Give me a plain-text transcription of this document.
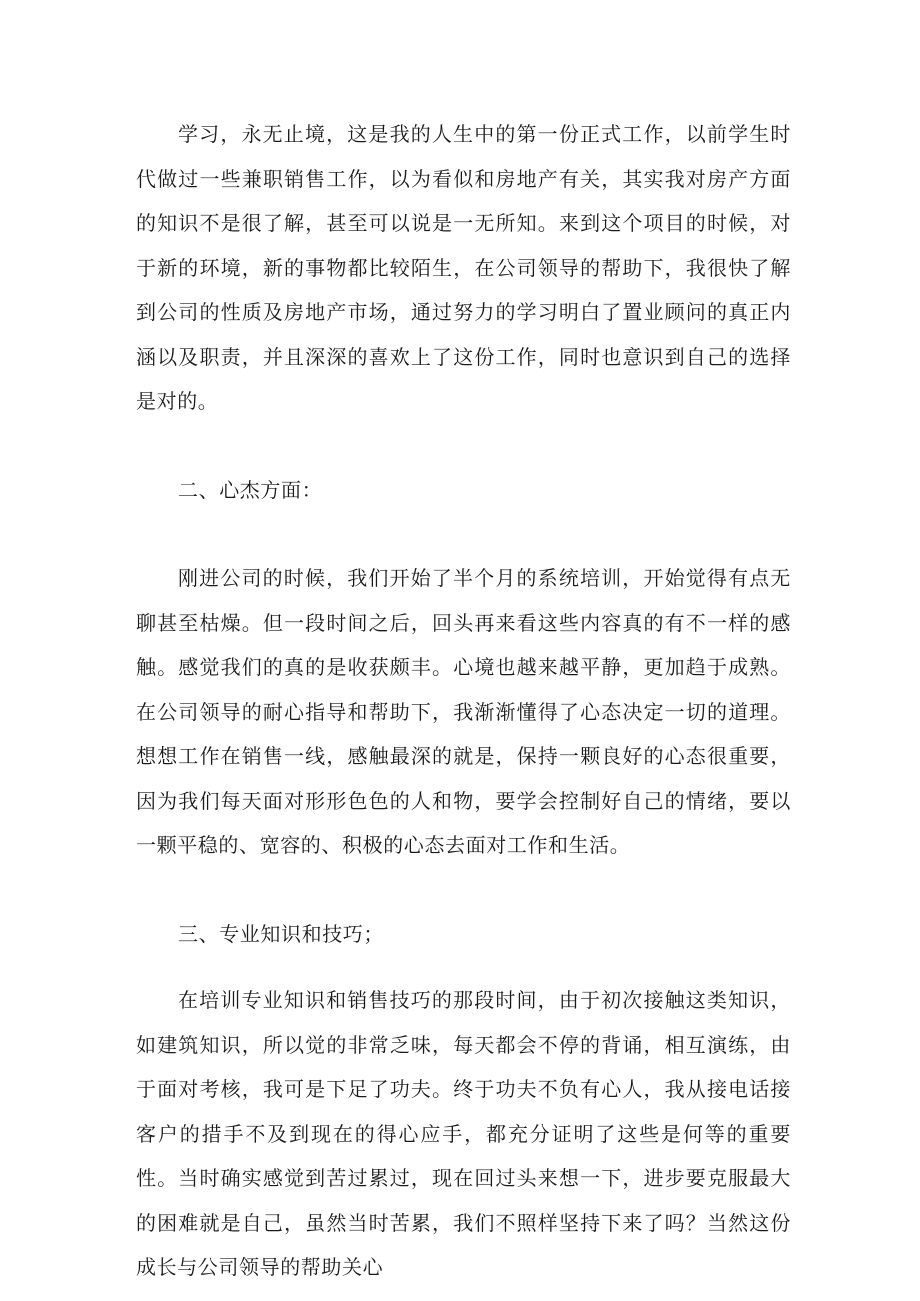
学习，永无止境，这是我的人生中的第一份正式工作，以前学生时代做过一些兼职销售工作，以为看似和房地产有关，其实我对房产方面的知识不是很了解，甚至可以说是一无所知。来到这个项目的时候，对于新的环境，新的事物都比较陌生，在公司领导的帮助下，我很快了解到公司的性质及房地产市场，通过努力的学习明白了置业顾问的真正内涵以及职责，并且深深的喜欢上了这份工作，同时也意识到自己的选择是对的。

二、心杰方面：

刚进公司的时候，我们开始了半个月的系统培训，开始觉得有点无聊甚至枯燥。但一段时间之后，回头再来看这些内容真的有不一样的感触。感觉我们的真的是收获颇丰。心境也越来越平静，更加趋于成熟。在公司领导的耐心指导和帮助下，我渐渐懂得了心态决定一切的道理。想想工作在销售一线，感触最深的就是，保持一颗良好的心态很重要，因为我们每天面对形形色色的人和物，要学会控制好自己的情绪，要以一颗平稳的、宽容的、积极的心态去面对工作和生活。

三、专业知识和技巧；

在培训专业知识和销售技巧的那段时间，由于初次接触这类知识，如建筑知识，所以觉的非常乏味，每天都会不停的背诵，相互演练，由于面对考核，我可是下足了功夫。终于功夫不负有心人，我从接电话接客户的措手不及到现在的得心应手，都充分证明了这些是何等的重要性。当时确实感觉到苦过累过，现在回过头来想一下，进步要克服最大的困难就是自己，虽然当时苦累，我们不照样坚持下来了吗？当然这份成长与公司领导的帮助关心
